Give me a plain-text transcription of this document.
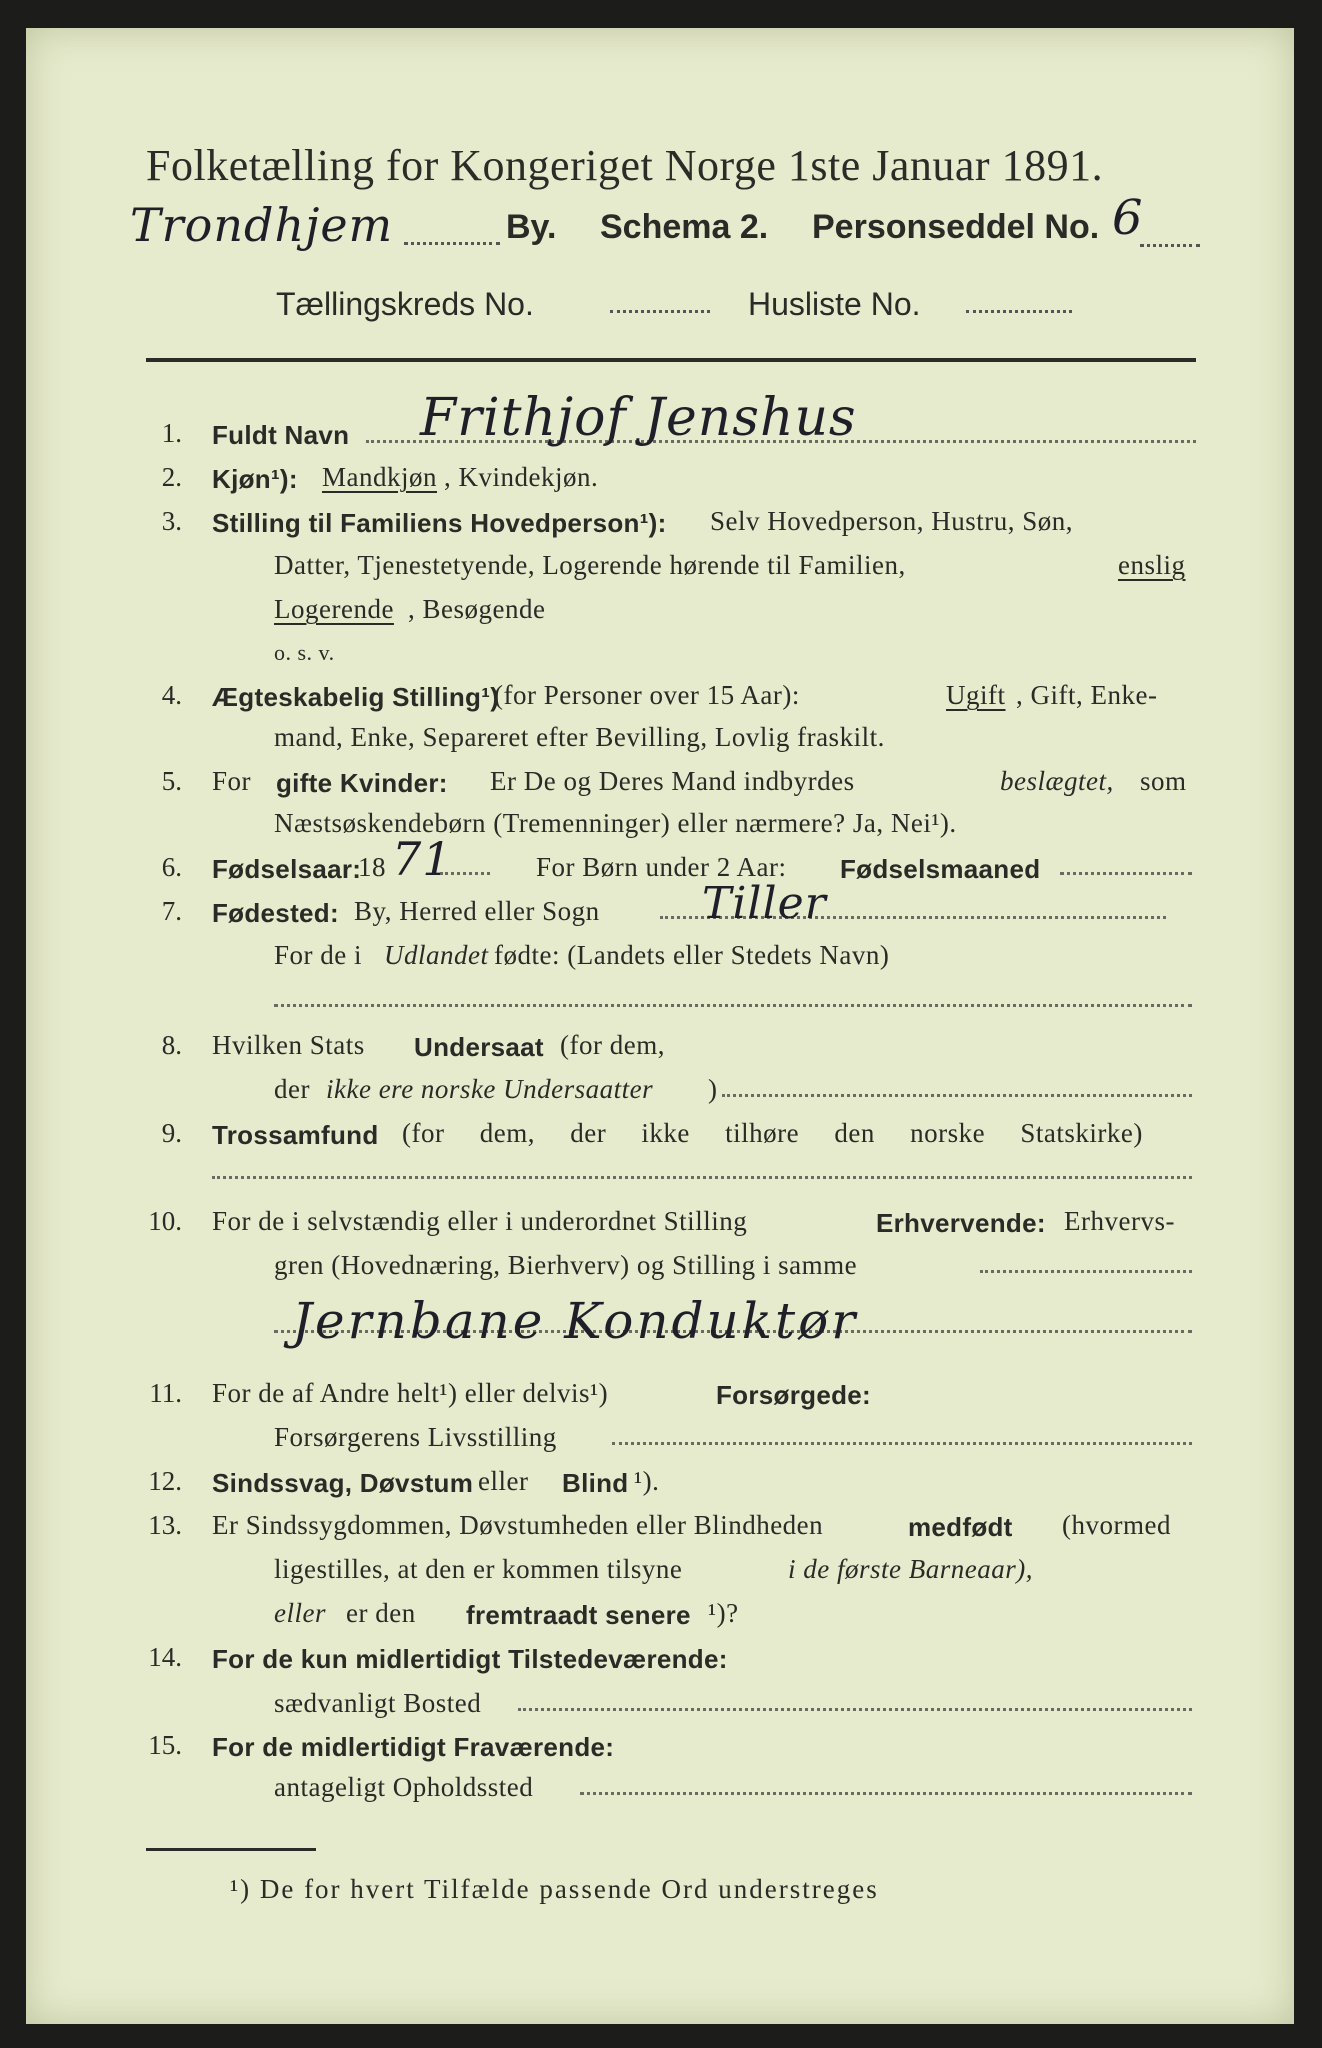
Folketælling for Kongeriget Norge 1ste Januar 1891.
Trondhjem	By. Schema 2. Personseddel No. 6
Tællingskreds No.	Husliste No.
1. Fuldt Navn Frithjof Jenshus
2. Kjøn¹): Mandkjøn , Kvindekjøn.
3. Stilling til Familiens Hovedperson¹): Selv Hovedperson, Hustru, Søn,
Datter, Tjenestetyende, Logerende hørende til Familien,	enslig
Logerende , Besøgende
o. s. v.
4. Ægteskabelig Stilling¹)
(for Personer over 15 Aar):	Ugift , Gift, Enke-
mand, Enke, Separeret efter Bevilling, Lovlig fraskilt.
5. For gifte Kvinder: Er De og Deres Mand indbyrdes	beslægtet, som
Næstsøskendebørn (Tremenninger) eller nærmere? Ja, Nei¹).
6. Fødselsaar:
18 71	For Børn under 2 Aar: Fødselsmaaned
7. Fødested: By, Herred eller Sogn Tiller
For de i Udlandet fødte: (Landets eller Stedets Navn)
8. Hvilken Stats Undersaat (for dem,
der ikke ere norske Undersaatter )
9. Trossamfund (for dem, der ikke tilhøre den norske Statskirke)
10. For de i selvstændig eller i underordnet Stilling	Erhvervende: Erhvervs-
gren (Hovednæring, Bierhverv) og Stilling i samme
Jernbane Konduktør
11. For de af Andre helt¹) eller delvis¹)	Forsørgede:
Forsørgerens Livsstilling
12. Sindssvag, Døvstum eller Blind ¹).
13. Er Sindssygdommen, Døvstumheden eller Blindheden	medfødt (hvormed
ligestilles, at den er kommen tilsyne	i de første Barneaar),
eller er den fremtraadt senere ¹)?
14. For de kun midlertidigt Tilstedeværende:
sædvanligt Bosted
15. For de midlertidigt Fraværende:
antageligt Opholdssted
¹) De for hvert Tilfælde passende Ord understreges
